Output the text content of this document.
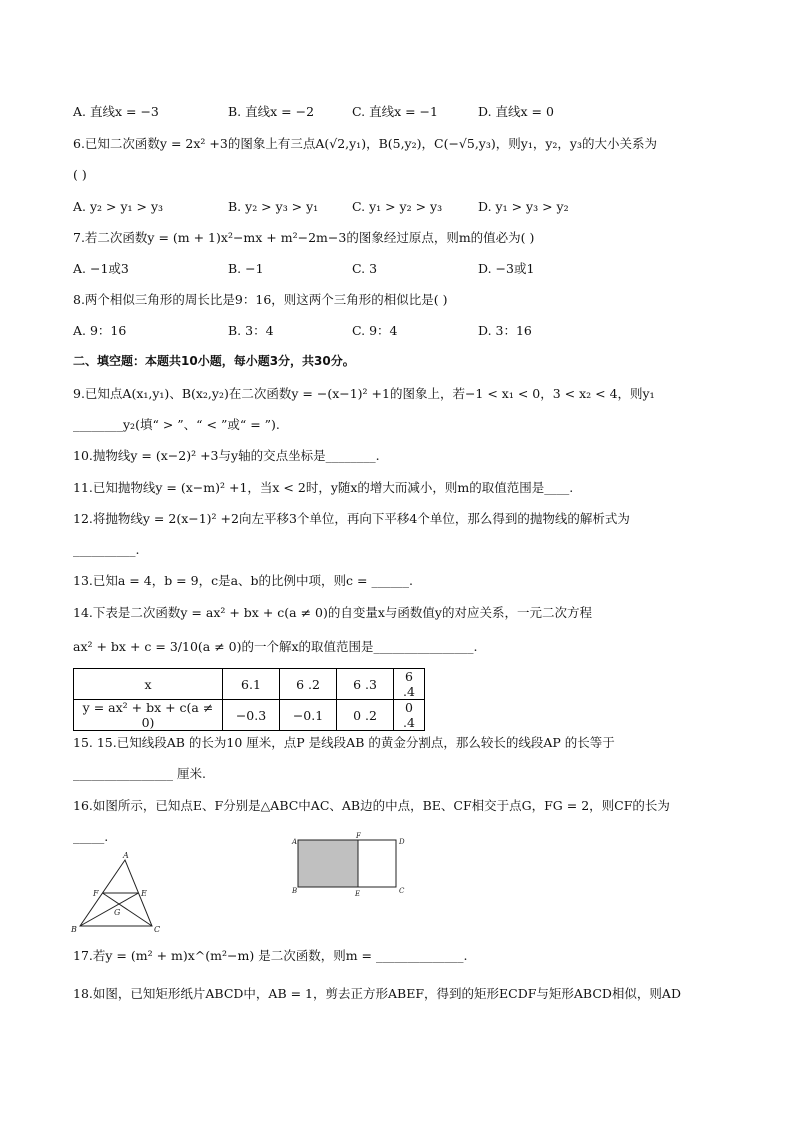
A. 直线x = −3	B. 直线x = −2	C. 直线x = −1	D. 直线x = 0
6.已知二次函数y = 2x² +3的图象上有三点A(√2,y₁)，B(5,y₂)，C(−√5,y₃)，则y₁，y₂，y₃的大小关系为
( )
A. y₂ > y₁ > y₃	B. y₂ > y₃ > y₁	C. y₁ > y₂ > y₃	D. y₁ > y₃ > y₂
7.若二次函数y = (m + 1)x²−mx + m²−2m−3的图象经过原点，则m的值必为( )
A. −1或3	B. −1	C. 3	D. −3或1
8.两个相似三角形的周长比是9：16，则这两个三角形的相似比是( )
A. 9：16	B. 3：4	C. 9：4	D. 3：16
二、填空题：本题共10小题，每小题3分，共30分。
9.已知点A(x₁,y₁)、B(x₂,y₂)在二次函数y = −(x−1)² +1的图象上，若−1 < x₁ < 0，3 < x₂ < 4，则y₁
________y₂(填“ > ”、“ < ”或“ = ”).
10.抛物线y = (x−2)² +3与y轴的交点坐标是________.
11.已知抛物线y = (x−m)² +1，当x < 2时，y随x的增大而减小，则m的取值范围是____.
12.将抛物线y = 2(x−1)² +2向左平移3个单位，再向下平移4个单位，那么得到的抛物线的解析式为
__________.
13.已知a = 4，b = 9，c是a、b的比例中项，则c = ______.
14.下表是二次函数y = ax² + bx + c(a ≠ 0)的自变量x与函数值y的对应关系，一元二次方程
ax² + bx + c = 3/10(a ≠ 0)的一个解x的取值范围是________________.
x	6.1	6 .2	6 .3	6 .4
y = ax² + bx + c(a ≠ 0)	−0.3	−0.1	0 .2	0 .4
15. 15.已知线段AB 的长为10 厘米，点P 是线段AB 的黄金分割点，那么较长的线段AP 的长等于
________________ 厘米.
16.如图所示，已知点E、F分别是△ABC中AC、AB边的中点，BE、CF相交于点G，FG = 2，则CF的长为
_____.
A
F	E
G
B	C
A
F
D
B	E	C
17.若y = (m² + m)x^(m²−m) 是二次函数，则m = ______________.
18.如图，已知矩形纸片ABCD中，AB = 1，剪去正方形ABEF，得到的矩形ECDF与矩形ABCD相似，则AD
